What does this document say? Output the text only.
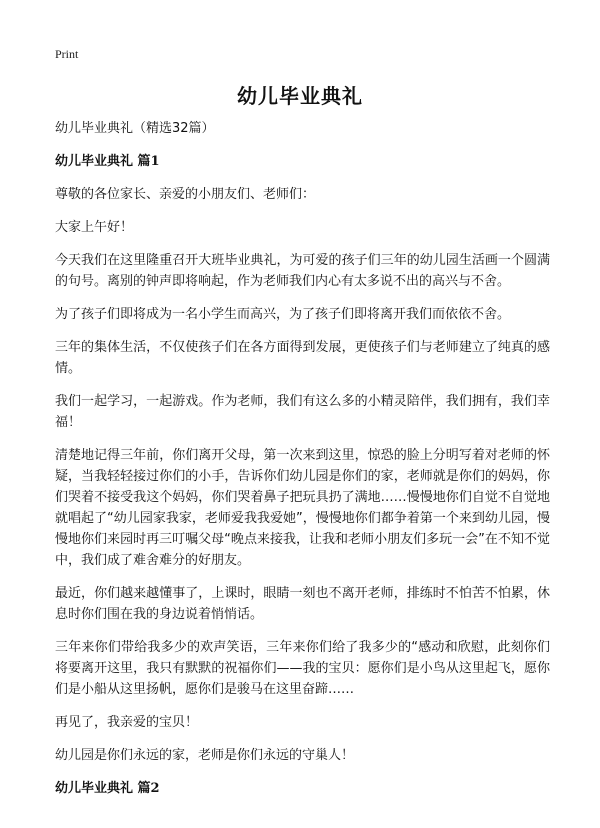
Print
幼儿毕业典礼

幼儿毕业典礼（精选32篇）

幼儿毕业典礼 篇1

尊敬的各位家长、亲爱的小朋友们、老师们：

大家上午好！

今天我们在这里隆重召开大班毕业典礼，为可爱的孩子们三年的幼儿园生活画一个圆满的句号。离别的钟声即将响起，作为老师我们内心有太多说不出的高兴与不舍。

为了孩子们即将成为一名小学生而高兴，为了孩子们即将离开我们而依依不舍。

三年的集体生活，不仅使孩子们在各方面得到发展，更使孩子们与老师建立了纯真的感情。

我们一起学习，一起游戏。作为老师，我们有这么多的小精灵陪伴，我们拥有，我们幸福！

清楚地记得三年前，你们离开父母，第一次来到这里，惊恐的脸上分明写着对老师的怀疑，当我轻轻接过你们的小手，告诉你们幼儿园是你们的家，老师就是你们的妈妈，你们哭着不接受我这个妈妈，你们哭着鼻子把玩具扔了满地……慢慢地你们自觉不自觉地就唱起了“幼儿园家我家，老师爱我我爱她”，慢慢地你们都争着第一个来到幼儿园，慢慢地你们来园时再三叮嘱父母“晚点来接我，让我和老师小朋友们多玩一会”在不知不觉中，我们成了难舍难分的好朋友。

最近，你们越来越懂事了，上课时，眼睛一刻也不离开老师，排练时不怕苦不怕累，休息时你们围在我的身边说着悄悄话。

三年来你们带给我多少的欢声笑语，三年来你们给了我多少的“感动和欣慰，此刻你们将要离开这里，我只有默默的祝福你们——我的宝贝：愿你们是小鸟从这里起飞，愿你们是小船从这里扬帆，愿你们是骏马在这里奋蹄……

再见了，我亲爱的宝贝！

幼儿园是你们永远的家，老师是你们永远的守巢人！

幼儿毕业典礼 篇2
